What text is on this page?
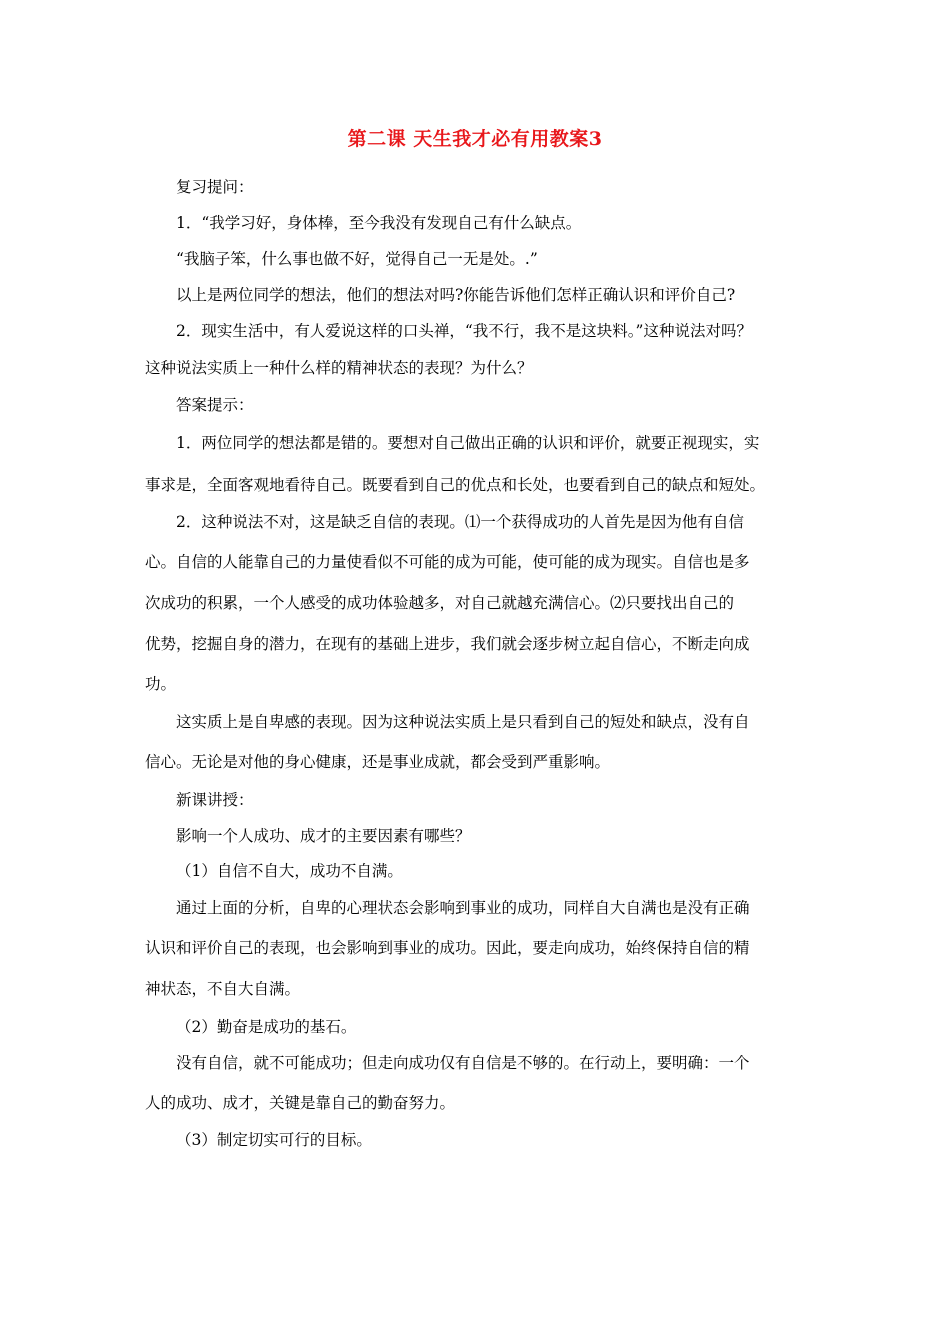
第二课 天生我才必有用教案3
复习提问：
1．“我学习好，身体棒，至今我没有发现自己有什么缺点。
“我脑子笨，什么事也做不好，觉得自己一无是处。.”
以上是两位同学的想法，他们的想法对吗?你能告诉他们怎样正确认识和评价自己?
2．现实生活中，有人爱说这样的口头禅，“我不行，我不是这块料。”这种说法对吗？
这种说法实质上一种什么样的精神状态的表现？为什么？
答案提示：
1．两位同学的想法都是错的。要想对自己做出正确的认识和评价，就要正视现实，实
事求是，全面客观地看待自己。既要看到自己的优点和长处，也要看到自己的缺点和短处。
2．这种说法不对，这是缺乏自信的表现。⑴一个获得成功的人首先是因为他有自信
心。自信的人能靠自己的力量使看似不可能的成为可能，使可能的成为现实。自信也是多
次成功的积累，一个人感受的成功体验越多，对自己就越充满信心。⑵只要找出自己的
优势，挖掘自身的潜力，在现有的基础上进步，我们就会逐步树立起自信心，不断走向成
功。
这实质上是自卑感的表现。因为这种说法实质上是只看到自己的短处和缺点，没有自
信心。无论是对他的身心健康，还是事业成就，都会受到严重影响。
新课讲授：
影响一个人成功、成才的主要因素有哪些？
（1）自信不自大，成功不自满。
通过上面的分析，自卑的心理状态会影响到事业的成功，同样自大自满也是没有正确
认识和评价自己的表现，也会影响到事业的成功。因此，要走向成功，始终保持自信的精
神状态，不自大自满。
（2）勤奋是成功的基石。
没有自信，就不可能成功；但走向成功仅有自信是不够的。在行动上，要明确：一个
人的成功、成才，关键是靠自己的勤奋努力。
（3）制定切实可行的目标。
